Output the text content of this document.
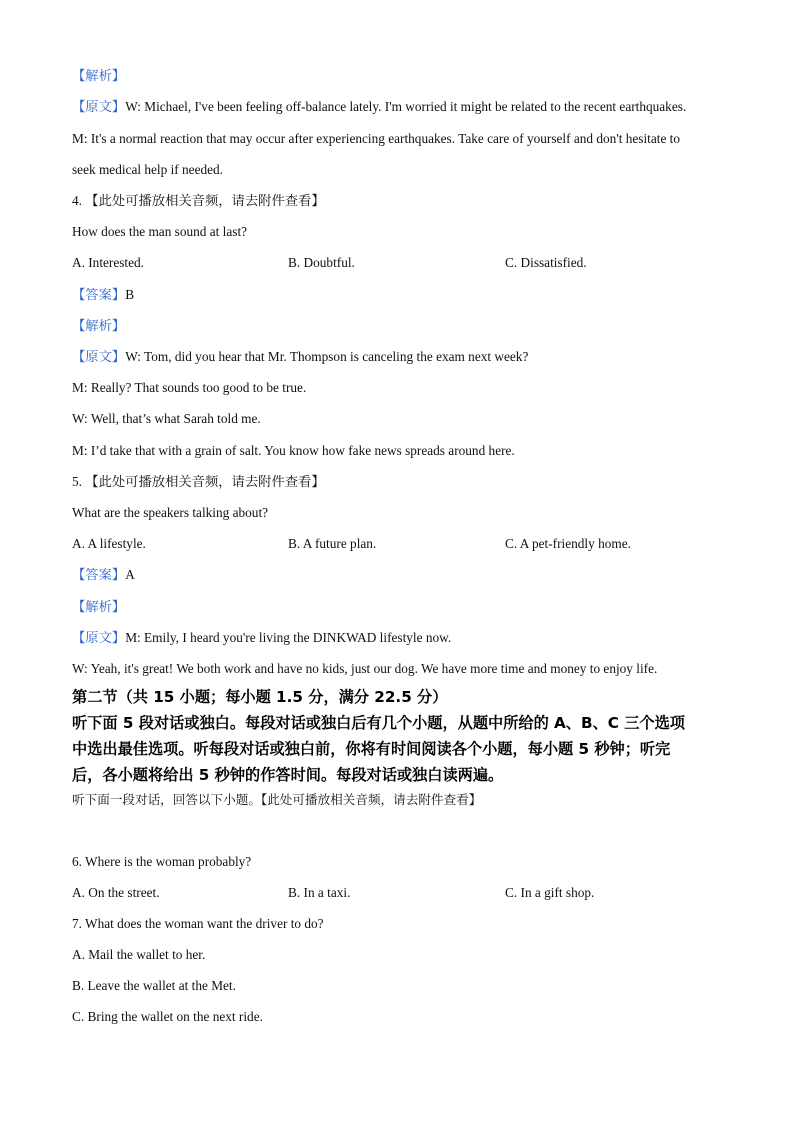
【解析】
【原文】W: Michael, I've been feeling off-balance lately. I'm worried it might be related to the recent earthquakes.
M: It's a normal reaction that may occur after experiencing earthquakes. Take care of yourself and don't hesitate to
seek medical help if needed.
4. 【此处可播放相关音频，请去附件查看】
How does the man sound at last?
A. Interested.	B. Doubtful.	C. Dissatisfied.
【答案】B
【解析】
【原文】W: Tom, did you hear that Mr. Thompson is canceling the exam next week?
M: Really? That sounds too good to be true.
W: Well, that’s what Sarah told me.
M: I’d take that with a grain of salt. You know how fake news spreads around here.
5. 【此处可播放相关音频，请去附件查看】
What are the speakers talking about?
A. A lifestyle.	B. A future plan.	C. A pet-friendly home.
【答案】A
【解析】
【原文】M: Emily, I heard you're living the DINKWAD lifestyle now.
W: Yeah, it's great! We both work and have no kids, just our dog. We have more time and money to enjoy life.
第二节（共 15 小题；每小题 1.5 分，满分 22.5 分）
听下面 5 段对话或独白。每段对话或独白后有几个小题，从题中所给的 A、B、C 三个选项
中选出最佳选项。听每段对话或独白前，你将有时间阅读各个小题，每小题 5 秒钟；听完
后，各小题将给出 5 秒钟的作答时间。每段对话或独白读两遍。
听下面一段对话，回答以下小题。【此处可播放相关音频，请去附件查看】
6. Where is the woman probably?
A. On the street.	B. In a taxi.	C. In a gift shop.
7. What does the woman want the driver to do?
A. Mail the wallet to her.
B. Leave the wallet at the Met.
C. Bring the wallet on the next ride.
